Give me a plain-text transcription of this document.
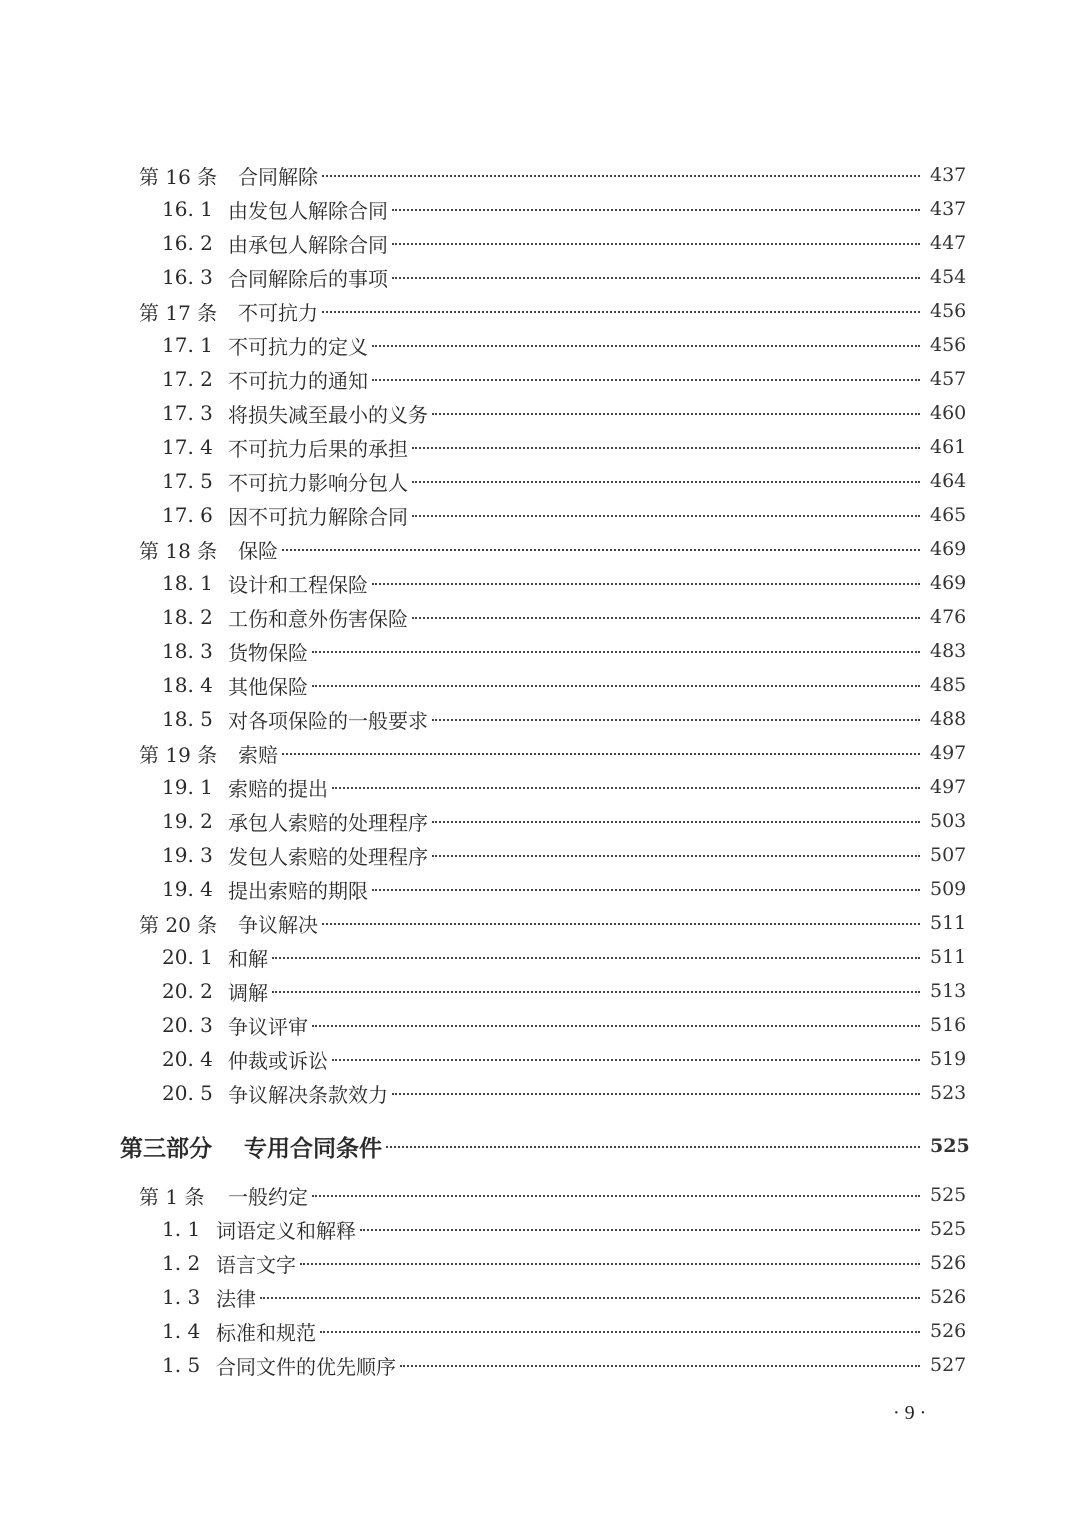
第 16 条 合同解除	437
16. 1 由发包人解除合同	437
16. 2 由承包人解除合同	447
16. 3 合同解除后的事项	454
第 17 条 不可抗力	456
17. 1 不可抗力的定义	456
17. 2 不可抗力的通知	457
17. 3 将损失减至最小的义务	460
17. 4 不可抗力后果的承担	461
17. 5 不可抗力影响分包人	464
17. 6 因不可抗力解除合同	465
第 18 条 保险	469
18. 1 设计和工程保险	469
18. 2 工伤和意外伤害保险	476
18. 3 货物保险	483
18. 4 其他保险	485
18. 5 对各项保险的一般要求	488
第 19 条 索赔	497
19. 1 索赔的提出	497
19. 2 承包人索赔的处理程序	503
19. 3 发包人索赔的处理程序	507
19. 4 提出索赔的期限	509
第 20 条 争议解决	511
20. 1 和解	511
20. 2 调解	513
20. 3 争议评审	516
20. 4 仲裁或诉讼	519
20. 5 争议解决条款效力	523
第三部分 专用合同条件	525
第 1 条 一般约定	525
1. 1 词语定义和解释	525
1. 2 语言文字	526
1. 3 法律	526
1. 4 标准和规范	526
1. 5 合同文件的优先顺序	527
· 9 ·
